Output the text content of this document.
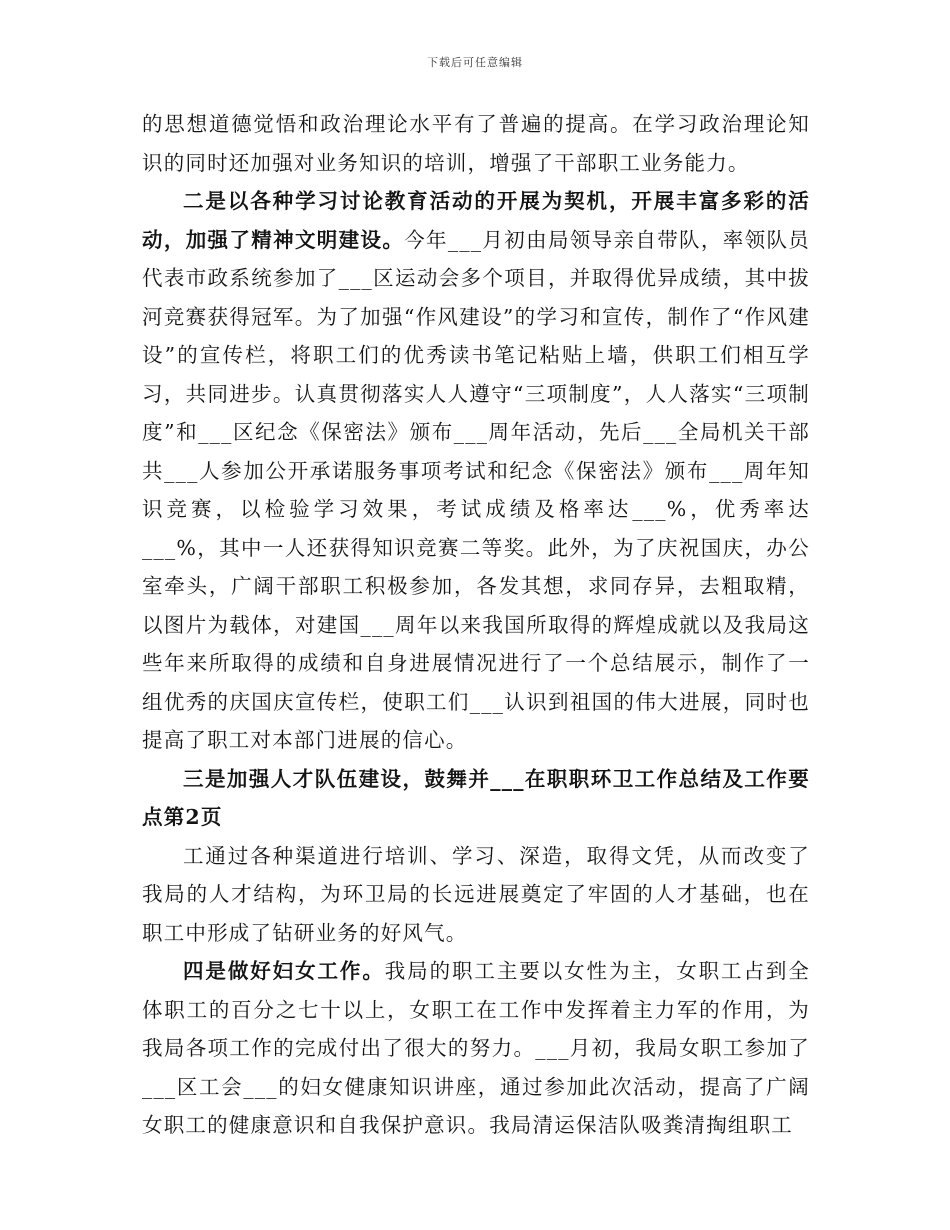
下载后可任意编辑

的思想道德觉悟和政治理论水平有了普遍的提高。在学习政治理论知识的同时还加强对业务知识的培训，增强了干部职工业务能力。

二是以各种学习讨论教育活动的开展为契机，开展丰富多彩的活动，加强了精神文明建设。今年___月初由局领导亲自带队，率领队员代表市政系统参加了___区运动会多个项目，并取得优异成绩，其中拔河竞赛获得冠军。为了加强“作风建设”的学习和宣传，制作了“作风建设”的宣传栏，将职工们的优秀读书笔记粘贴上墙，供职工们相互学习，共同进步。认真贯彻落实人人遵守“三项制度”，人人落实“三项制度”和___区纪念《保密法》颁布___周年活动，先后___全局机关干部共___人参加公开承诺服务事项考试和纪念《保密法》颁布___周年知识竞赛，以检验学习效果，考试成绩及格率达___%，优秀率达___%，其中一人还获得知识竞赛二等奖。此外，为了庆祝国庆，办公室牵头，广阔干部职工积极参加，各发其想，求同存异，去粗取精，以图片为载体，对建国___周年以来我国所取得的辉煌成就以及我局这些年来所取得的成绩和自身进展情况进行了一个总结展示，制作了一组优秀的庆国庆宣传栏，使职工们___认识到祖国的伟大进展，同时也提高了职工对本部门进展的信心。

三是加强人才队伍建设，鼓舞并___在职职环卫工作总结及工作要点第2页

工通过各种渠道进行培训、学习、深造，取得文凭，从而改变了我局的人才结构，为环卫局的长远进展奠定了牢固的人才基础，也在职工中形成了钻研业务的好风气。

四是做好妇女工作。我局的职工主要以女性为主，女职工占到全体职工的百分之七十以上，女职工在工作中发挥着主力军的作用，为我局各项工作的完成付出了很大的努力。___月初，我局女职工参加了___区工会___的妇女健康知识讲座，通过参加此次活动，提高了广阔女职工的健康意识和自我保护意识。我局清运保洁队吸粪清掏组职工
